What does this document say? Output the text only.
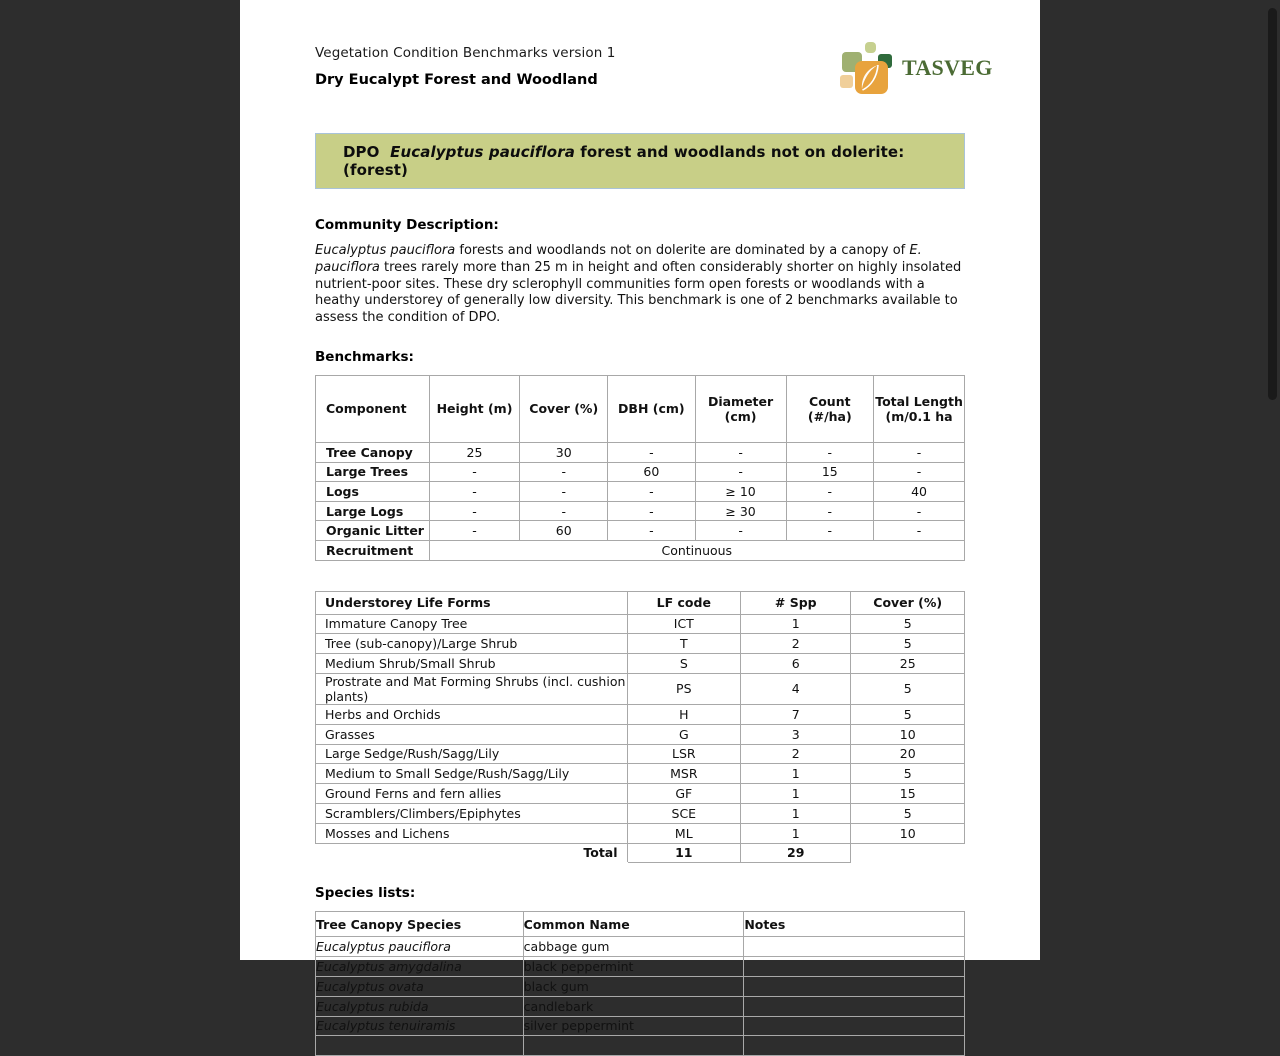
Vegetation Condition Benchmarks version 1
Dry Eucalypt Forest and Woodland	TASVEG
DPO Eucalyptus pauciflora forest and woodlands not on dolerite: (forest)
Community Description:
Eucalyptus pauciflora forests and woodlands not on dolerite are dominated by a canopy of E. pauciflora trees rarely more than 25 m in height and often considerably shorter on highly insolated nutrient-poor sites. These dry sclerophyll communities form open forests or woodlands with a heathy understorey of generally low diversity. This benchmark is one of 2 benchmarks available to assess the condition of DPO.
Benchmarks:
Component	Height (m)	Cover (%)	DBH (cm)	Diameter (cm)	Count (#/ha)	Total Length (m/0.1 ha
Tree Canopy	25	30	-	-	-	-
Large Trees	-	-	60	-	15	-
Logs	-	-	-	≥ 10	-	40
Large Logs	-	-	-	≥ 30	-	-
Organic Litter	-	60	-	-	-	-
Recruitment	Continuous					
Understorey Life Forms	LF code	# Spp	Cover (%)
Immature Canopy Tree	ICT	1	5
Tree (sub-canopy)/Large Shrub	T	2	5
Medium Shrub/Small Shrub	S	6	25
Prostrate and Mat Forming Shrubs (incl. cushion plants)	PS	4	5
Herbs and Orchids	H	7	5
Grasses	G	3	10
Large Sedge/Rush/Sagg/Lily	LSR	2	20
Medium to Small Sedge/Rush/Sagg/Lily	MSR	1	5
Ground Ferns and fern allies	GF	1	15
Scramblers/Climbers/Epiphytes	SCE	1	5
Mosses and Lichens	ML	1	10
Total	11	29	
Species lists:
Tree Canopy Species	Common Name	Notes
Eucalyptus pauciflora	cabbage gum	
Eucalyptus amygdalina	black peppermint	
Eucalyptus ovata	black gum	
Eucalyptus rubida	candlebark	
Eucalyptus tenuiramis	silver peppermint	
